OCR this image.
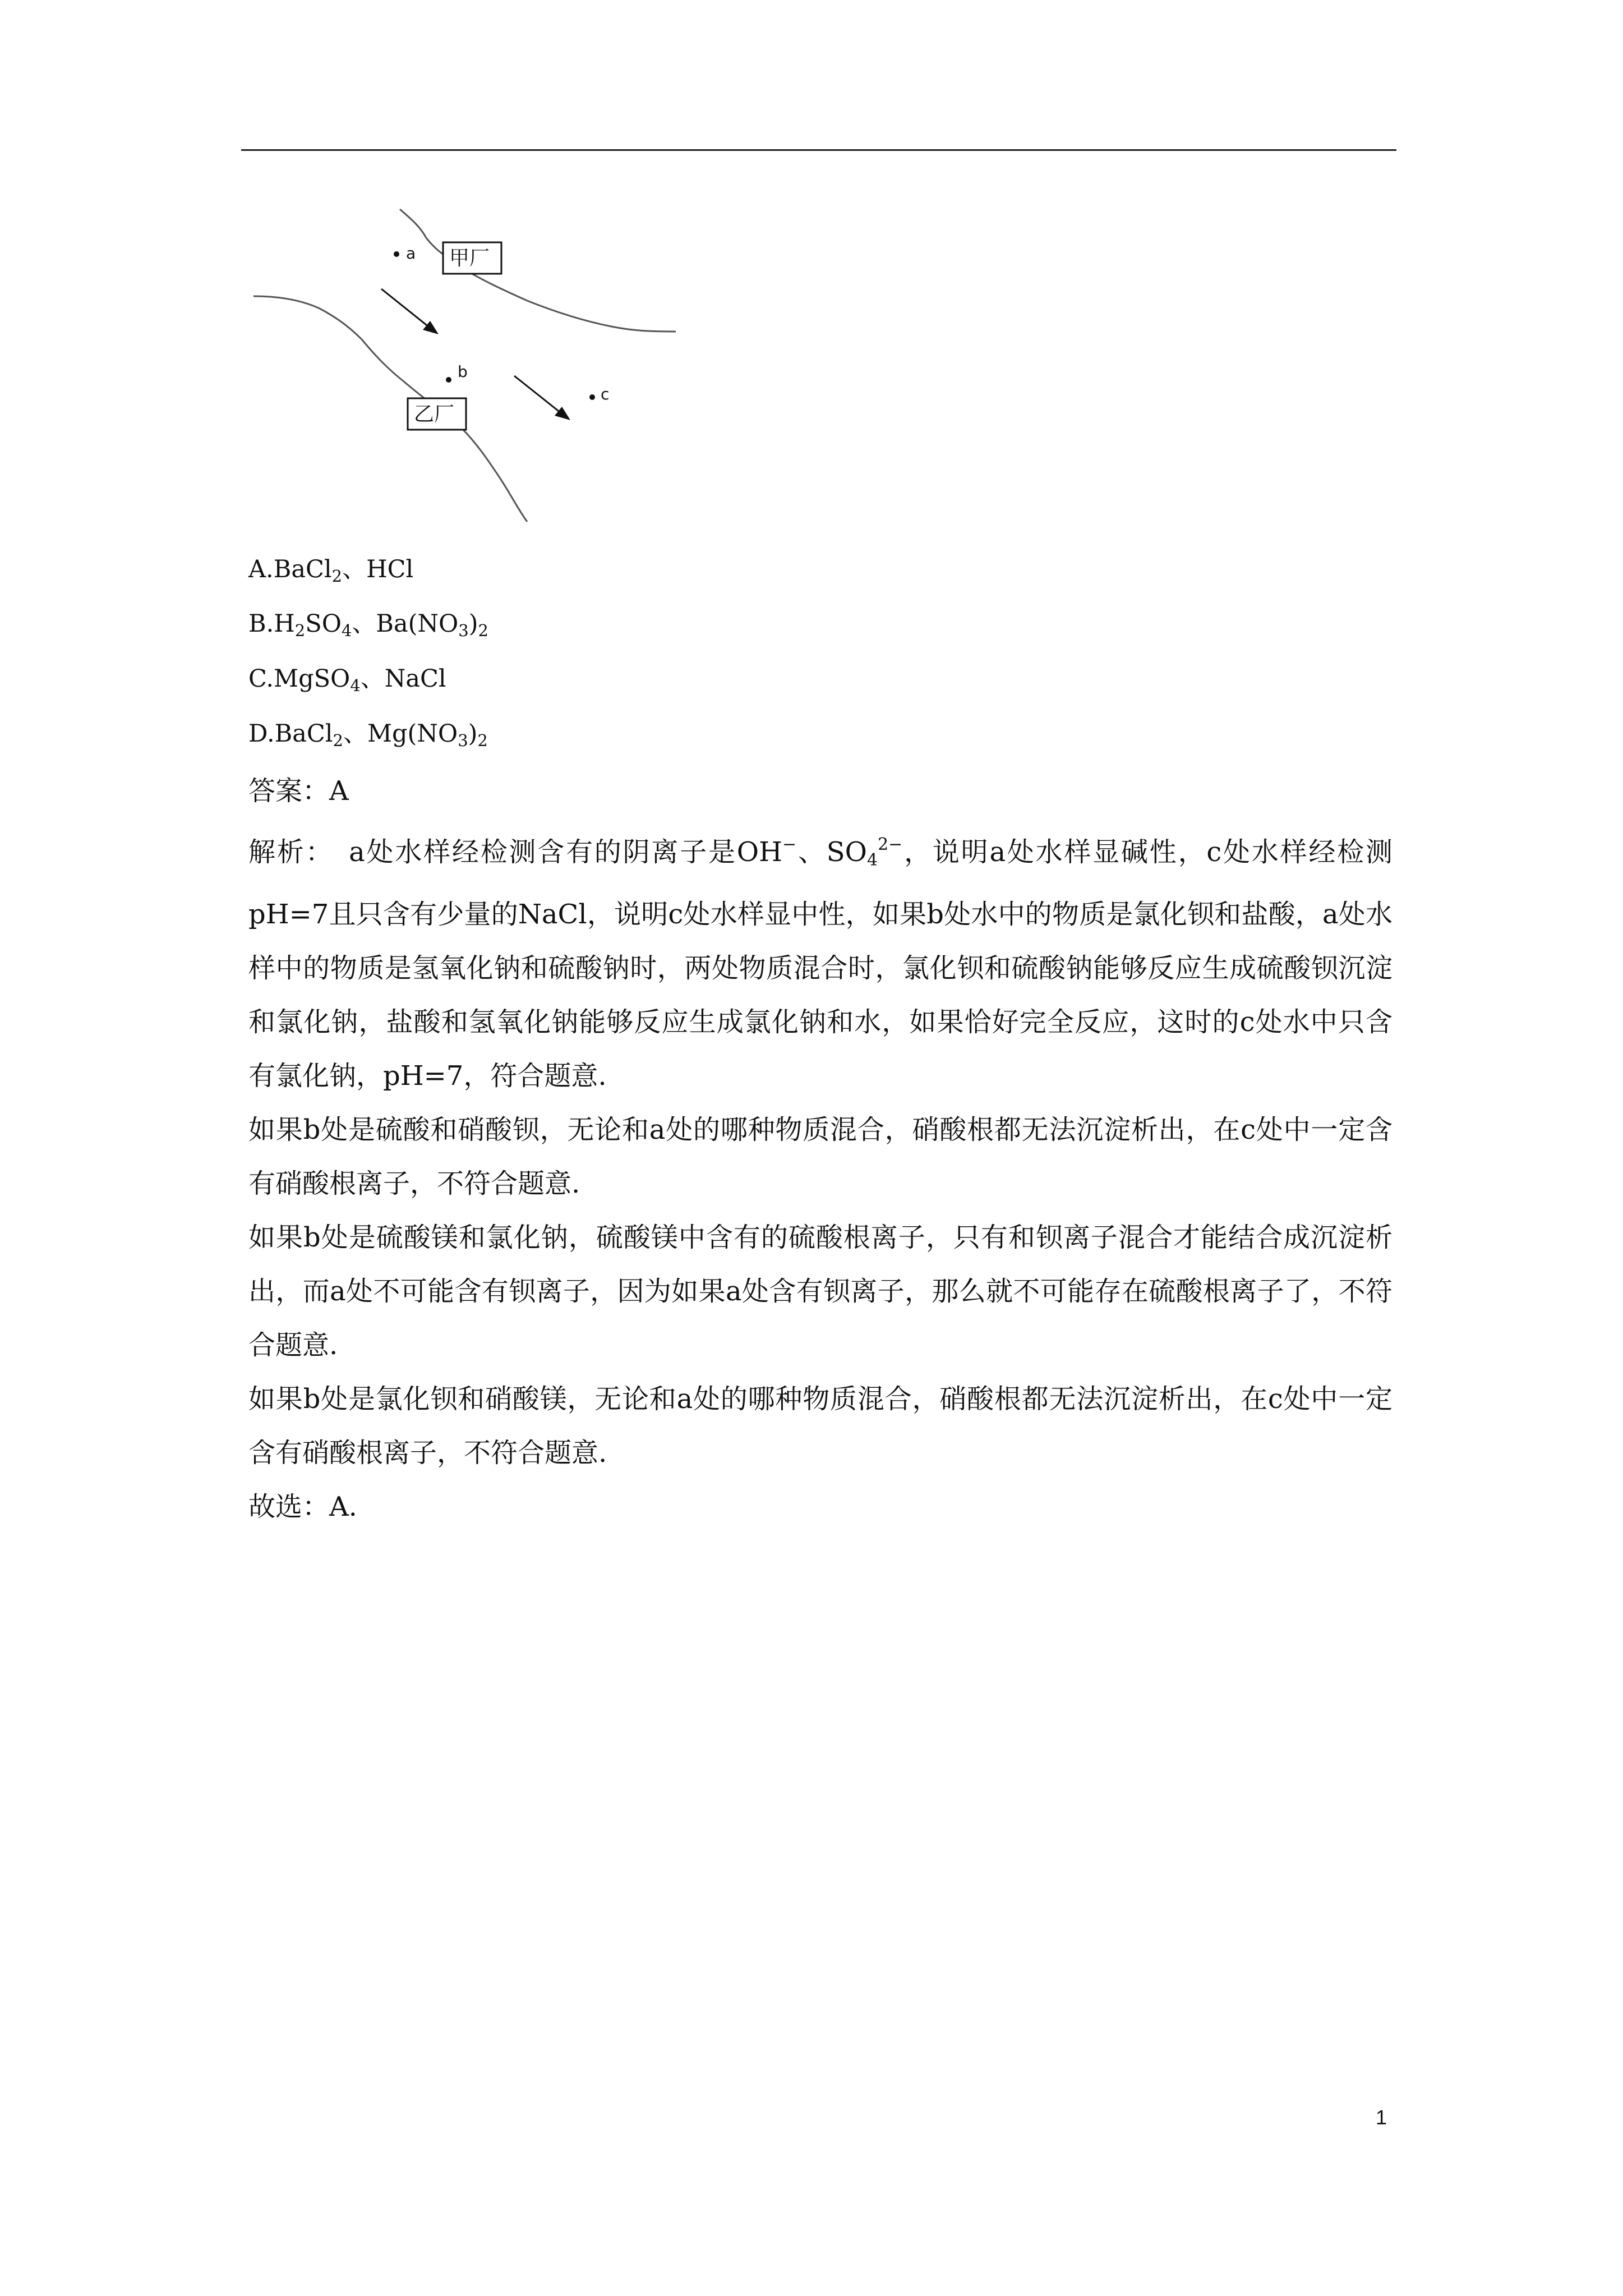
a
b
c
甲厂
乙厂
A.BaCl$_2$、HCl
$B.H_2SO_4$、$Ba(NO_3)_2$
C.MgSO$_4$、NaCl
D.BaCl$_2$、$Mg(NO_3)_2$

答案：A

解析：　a处水样经检测含有的阴离子是OH−、$SO_4^{2-}$，说明a处水样显碱性，c处水样经检测pH=7且只含有少量的NaCl，说明c处水样显中性，如果b处水中的物质是氯化钡和盐酸，a处水样中的物质是氢氧化钠和硫酸钠时，两处物质混合时，氯化钡和硫酸钠能够反应生成硫酸钡沉淀和氯化钠，盐酸和氢氧化钠能够反应生成氯化钠和水，如果恰好完全反应，这时的c处水中只含有氯化钠，pH=7，符合题意.

如果b处是硫酸和硝酸钡，无论和a处的哪种物质混合，硝酸根都无法沉淀析出，在c处中一定含有硝酸根离子，不符合题意.

如果b处是硫酸镁和氯化钠，硫酸镁中含有的硫酸根离子，只有和钡离子混合才能结合成沉淀析出，而a处不可能含有钡离子，因为如果a处含有钡离子，那么就不可能存在硫酸根离子了，不符合题意.

如果b处是氯化钡和硝酸镁，无论和a处的哪种物质混合，硝酸根都无法沉淀析出，在c处中一定含有硝酸根离子，不符合题意.

故选：A.

1
